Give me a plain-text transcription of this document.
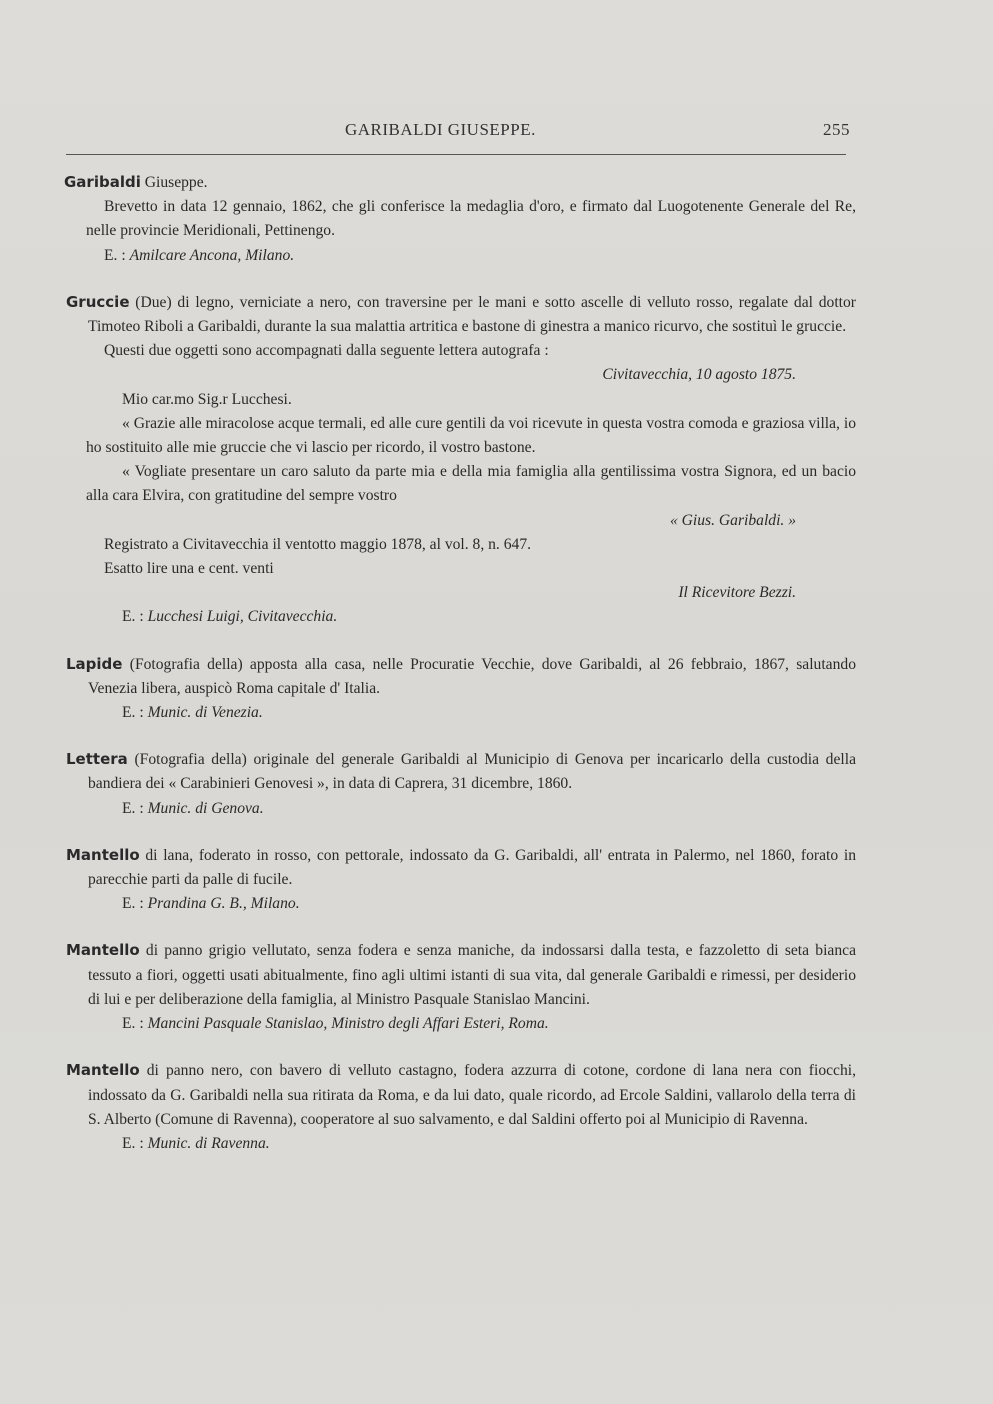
GARIBALDI GIUSEPPE.	255

Garibaldi Giuseppe.

Brevetto in data 12 gennaio, 1862, che gli conferisce la medaglia d'oro, e firmato dal Luogotenente Generale del Re, nelle provincie Meridionali, Pettinengo.

E. : Amilcare Ancona, Milano.

Gruccie (Due) di legno, verniciate a nero, con traversine per le mani e sotto ascelle di velluto rosso, regalate dal dottor Timoteo Riboli a Garibaldi, durante la sua malattia artritica e bastone di ginestra a manico ricurvo, che sostituì le gruccie.

Questi due oggetti sono accompagnati dalla seguente lettera autografa :

Civitavecchia, 10 agosto 1875.

Mio car.mo Sig.r Lucchesi.

« Grazie alle miracolose acque termali, ed alle cure gentili da voi ricevute in questa vostra comoda e graziosa villa, io ho sostituito alle mie gruccie che vi lascio per ricordo, il vostro bastone.

« Vogliate presentare un caro saluto da parte mia e della mia famiglia alla gentilissima vostra Signora, ed un bacio alla cara Elvira, con gratitudine del sempre vostro

« Gius. Garibaldi. »

Registrato a Civitavecchia il ventotto maggio 1878, al vol. 8, n. 647.

Esatto lire una e cent. venti

Il Ricevitore Bezzi.

E. : Lucchesi Luigi, Civitavecchia.

Lapide (Fotografia della) apposta alla casa, nelle Procuratie Vecchie, dove Garibaldi, al 26 febbraio, 1867, salutando Venezia libera, auspicò Roma capitale d' Italia.

E. : Munic. di Venezia.

Lettera (Fotografia della) originale del generale Garibaldi al Municipio di Genova per incaricarlo della custodia della bandiera dei « Carabinieri Genovesi », in data di Caprera, 31 dicembre, 1860.

E. : Munic. di Genova.

Mantello di lana, foderato in rosso, con pettorale, indossato da G. Garibaldi, all' entrata in Palermo, nel 1860, forato in parecchie parti da palle di fucile.

E. : Prandina G. B., Milano.

Mantello di panno grigio vellutato, senza fodera e senza maniche, da indossarsi dalla testa, e fazzoletto di seta bianca tessuto a fiori, oggetti usati abitualmente, fino agli ultimi istanti di sua vita, dal generale Garibaldi e rimessi, per desiderio di lui e per deliberazione della famiglia, al Ministro Pasquale Stanislao Mancini.

E. : Mancini Pasquale Stanislao, Ministro degli Affari Esteri, Roma.

Mantello di panno nero, con bavero di velluto castagno, fodera azzurra di cotone, cordone di lana nera con fiocchi, indossato da G. Garibaldi nella sua ritirata da Roma, e da lui dato, quale ricordo, ad Ercole Saldini, vallarolo della terra di S. Alberto (Comune di Ravenna), cooperatore al suo salvamento, e dal Saldini offerto poi al Municipio di Ravenna.

E. : Munic. di Ravenna.
